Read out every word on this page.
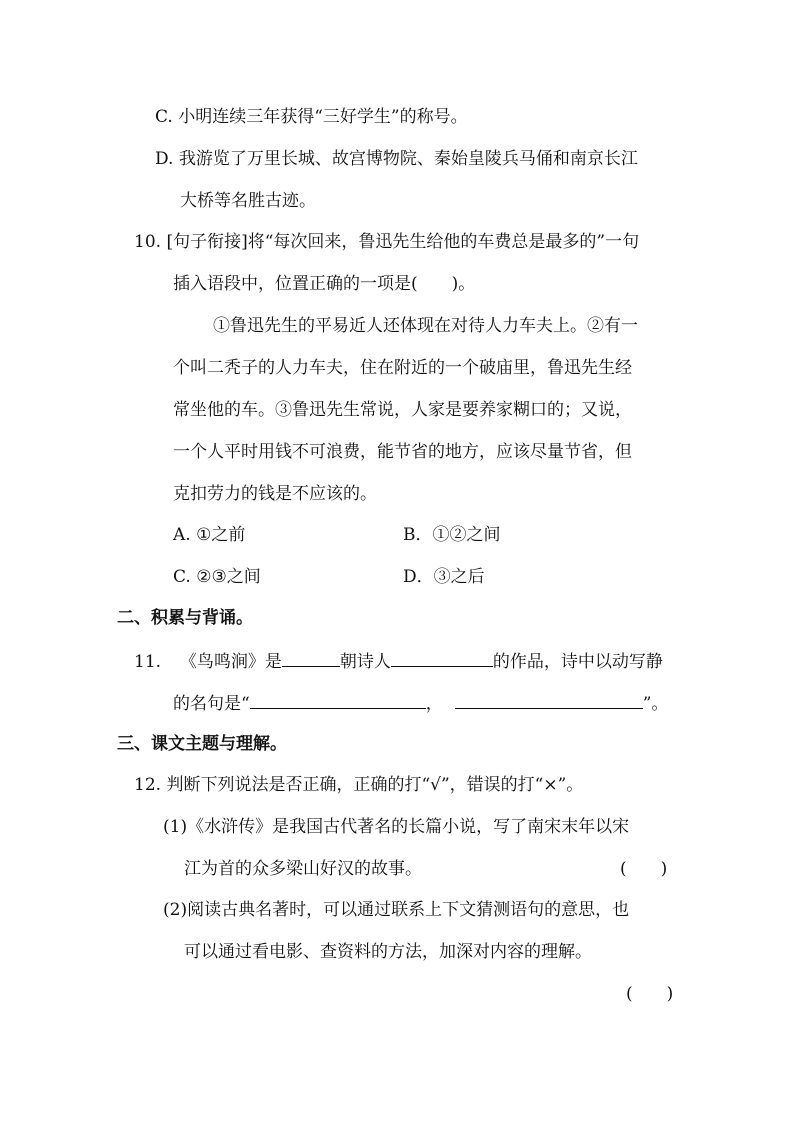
C. 小明连续三年获得“三好学生”的称号。
D. 我游览了万里长城、故宫博物院、秦始皇陵兵马俑和南京长江
大桥等名胜古迹。
10. [句子衔接]将“每次回来，鲁迅先生给他的车费总是最多的”一句
插入语段中，位置正确的一项是(　　)。
①鲁迅先生的平易近人还体现在对待人力车夫上。②有一
个叫二秃子的人力车夫，住在附近的一个破庙里，鲁迅先生经
常坐他的车。③鲁迅先生常说，人家是要养家糊口的；又说，
一个人平时用钱不可浪费，能节省的地方，应该尽量节省，但
克扣劳力的钱是不应该的。
A. ①之前	B．①②之间
C. ②③之间	D．③之后
二、积累与背诵。
11. 《鸟鸣涧》是	朝诗人	的作品，诗中以动写静
的名句是“	，	”。
三、课文主题与理解。
12. 判断下列说法是否正确，正确的打“√”，错误的打“×”。
(1)《水浒传》是我国古代著名的长篇小说，写了南宋末年以宋
江为首的众多梁山好汉的故事。	(　　)
(2)阅读古典名著时，可以通过联系上下文猜测语句的意思，也
可以通过看电影、查资料的方法，加深对内容的理解。
(　　)
